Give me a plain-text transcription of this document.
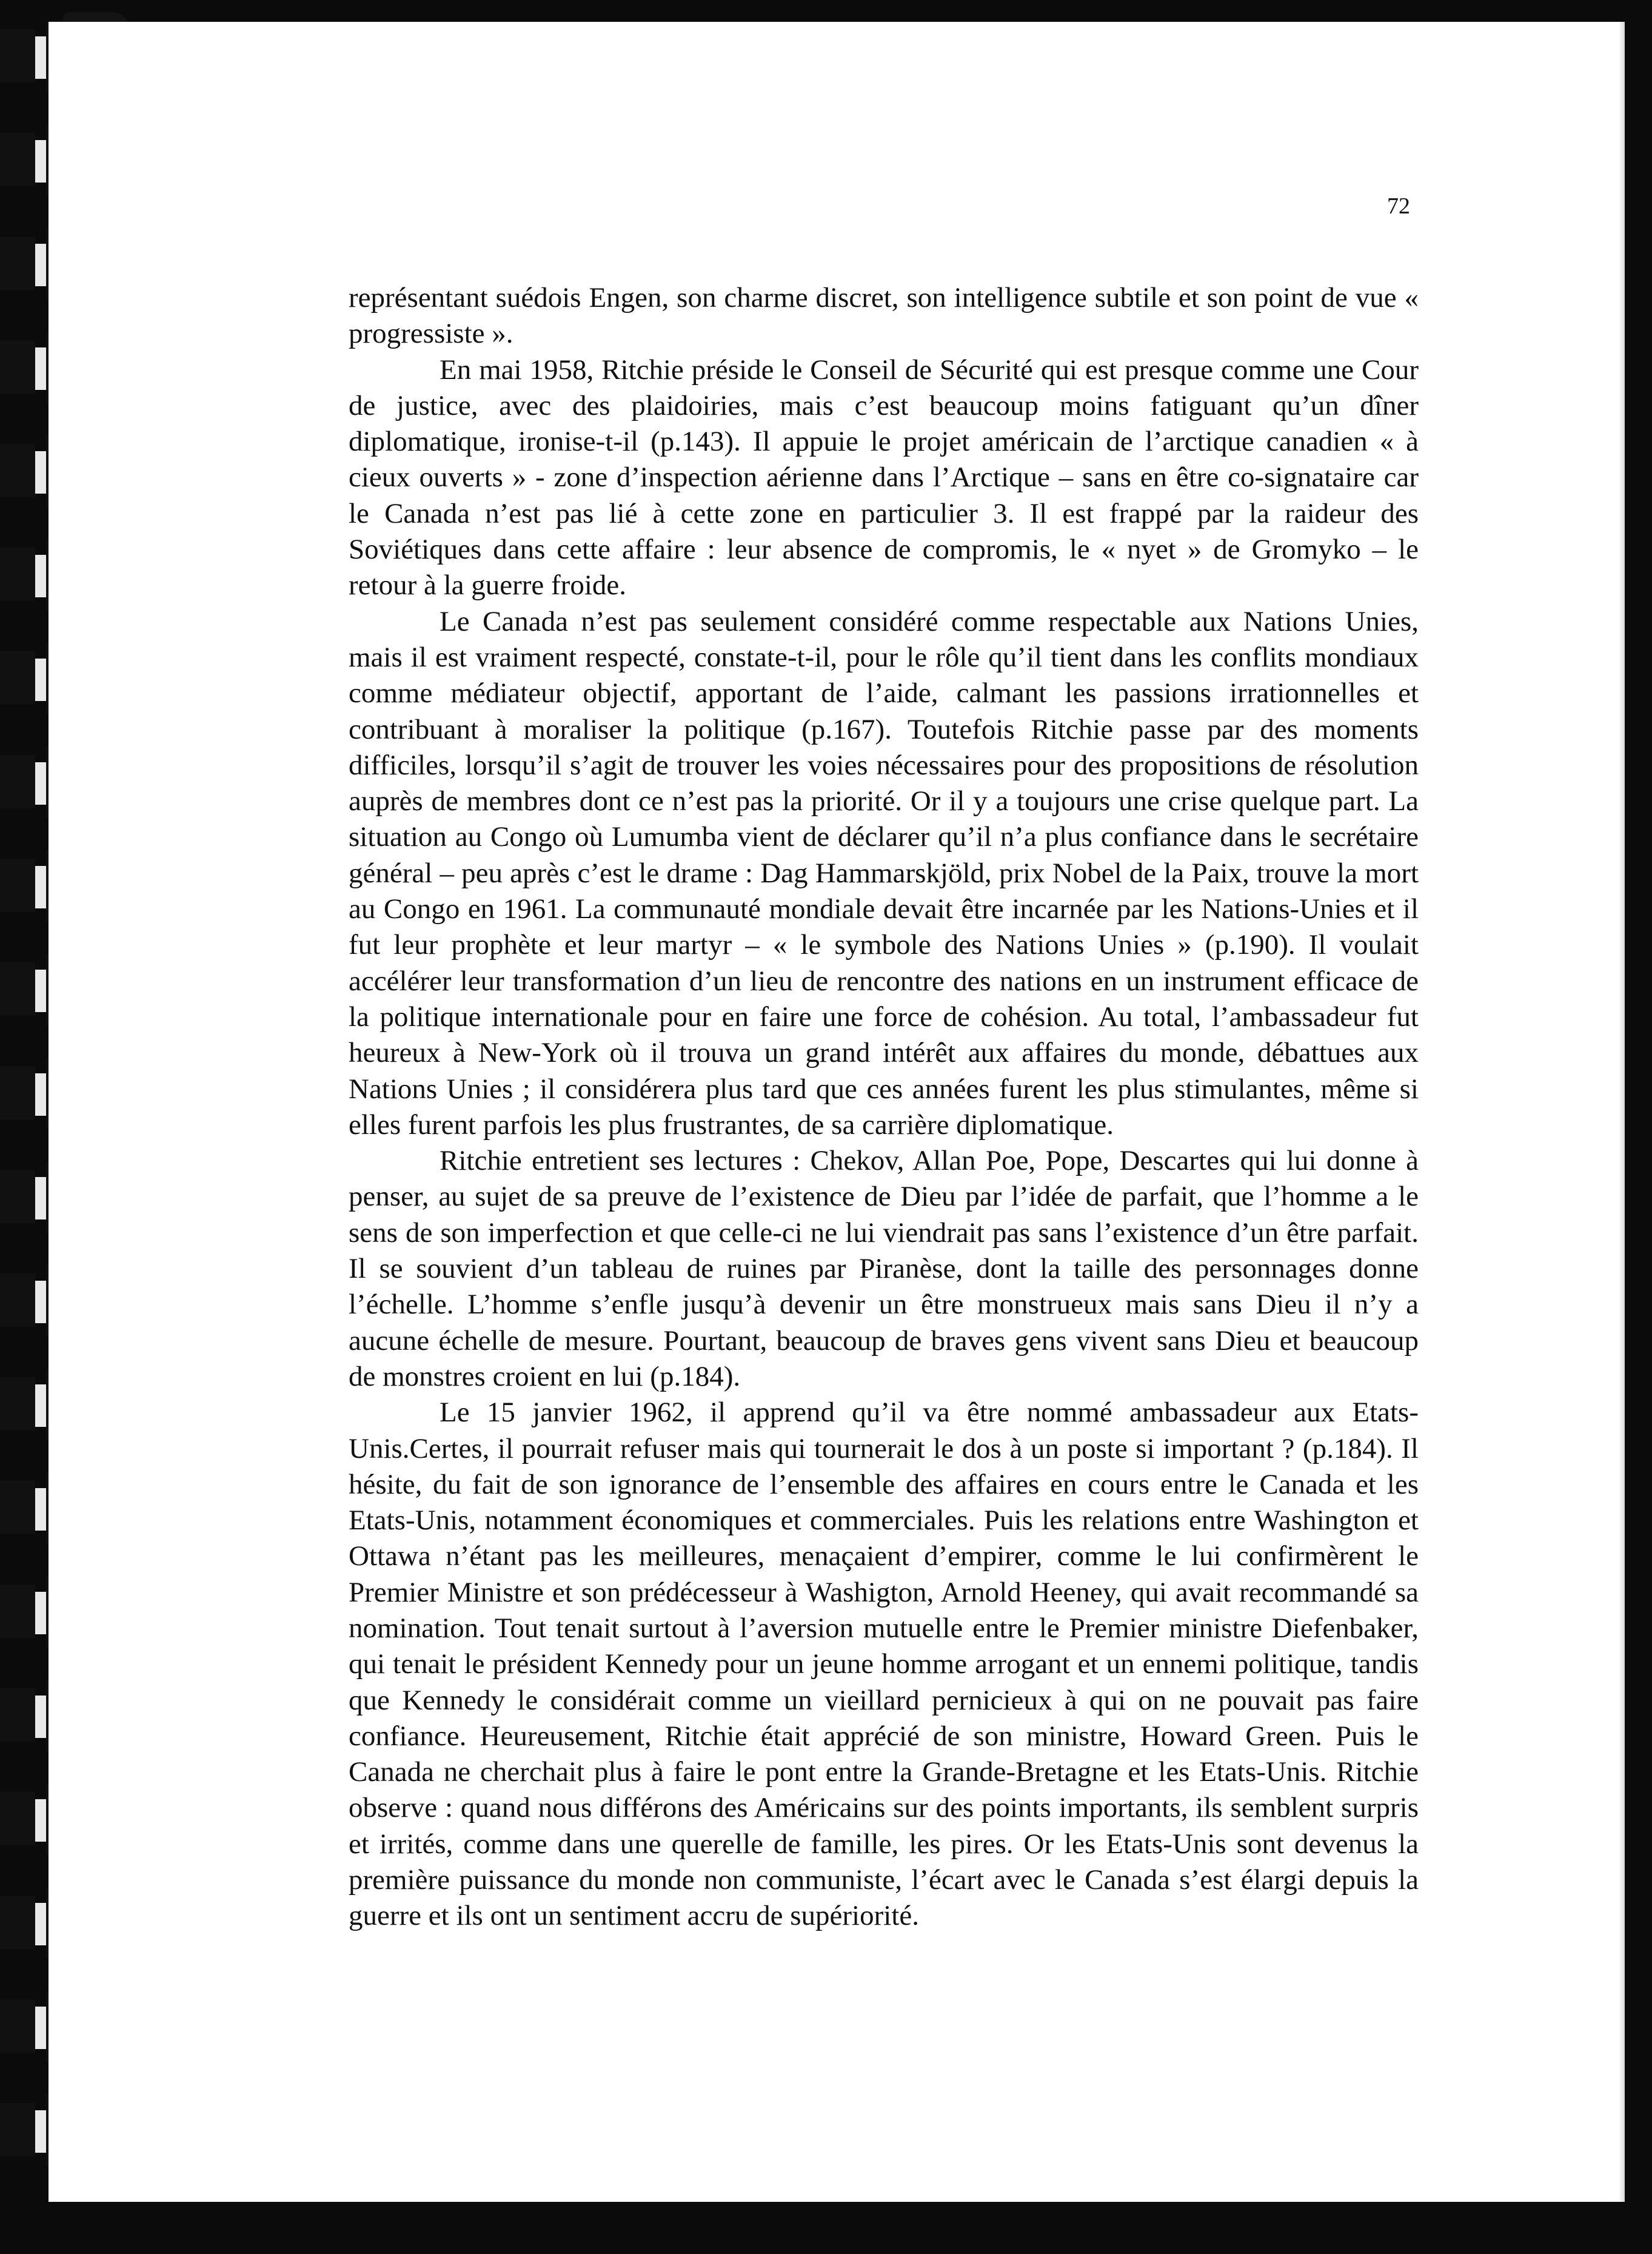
72

représentant suédois Engen, son charme discret, son intelligence subtile et son point de vue « progressiste ».

En mai 1958, Ritchie préside le Conseil de Sécurité qui est presque comme une Cour de justice, avec des plaidoiries, mais c’est beaucoup moins fatiguant qu’un dîner diplomatique, ironise-t-il (p.143). Il appuie le projet américain de l’arctique canadien « à cieux ouverts » - zone d’inspection aérienne dans l’Arctique – sans en être co-signataire car le Canada n’est pas lié à cette zone en particulier 3. Il est frappé par la raideur des Soviétiques dans cette affaire : leur absence de compromis, le « nyet » de Gromyko – le retour à la guerre froide.

Le Canada n’est pas seulement considéré comme respectable aux Nations Unies, mais il est vraiment respecté, constate-t-il, pour le rôle qu’il tient dans les conflits mondiaux comme médiateur objectif, apportant de l’aide, calmant les passions irrationnelles et contribuant à moraliser la politique (p.167). Toutefois Ritchie passe par des moments difficiles, lorsqu’il s’agit de trouver les voies nécessaires pour des propositions de résolution auprès de membres dont ce n’est pas la priorité. Or il y a toujours une crise quelque part. La situation au Congo où Lumumba vient de déclarer qu’il n’a plus confiance dans le secrétaire général – peu après c’est le drame : Dag Hammarskjöld, prix Nobel de la Paix, trouve la mort au Congo en 1961. La communauté mondiale devait être incarnée par les Nations-Unies et il fut leur prophète et leur martyr – « le symbole des Nations Unies » (p.190). Il voulait accélérer leur transformation d’un lieu de rencontre des nations en un instrument efficace de la politique internationale pour en faire une force de cohésion. Au total, l’ambassadeur fut heureux à New-York où il trouva un grand intérêt aux affaires du monde, débattues aux Nations Unies ; il considérera plus tard que ces années furent les plus stimulantes, même si elles furent parfois les plus frustrantes, de sa carrière diplomatique.

Ritchie entretient ses lectures : Chekov, Allan Poe, Pope, Descartes qui lui donne à penser, au sujet de sa preuve de l’existence de Dieu par l’idée de parfait, que l’homme a le sens de son imperfection et que celle-ci ne lui viendrait pas sans l’existence d’un être parfait. Il se souvient d’un tableau de ruines par Piranèse, dont la taille des personnages donne l’échelle. L’homme s’enfle jusqu’à devenir un être monstrueux mais sans Dieu il n’y a aucune échelle de mesure. Pourtant, beaucoup de braves gens vivent sans Dieu et beaucoup de monstres croient en lui (p.184).

Le 15 janvier 1962, il apprend qu’il va être nommé ambassadeur aux Etats-Unis.Certes, il pourrait refuser mais qui tournerait le dos à un poste si important ? (p.184). Il hésite, du fait de son ignorance de l’ensemble des affaires en cours entre le Canada et les Etats-Unis, notamment économiques et commerciales. Puis les relations entre Washington et Ottawa n’étant pas les meilleures, menaçaient d’empirer, comme le lui confirmèrent le Premier Ministre et son prédécesseur à Washigton, Arnold Heeney, qui avait recommandé sa nomination. Tout tenait surtout à l’aversion mutuelle entre le Premier ministre Diefenbaker, qui tenait le président Kennedy pour un jeune homme arrogant et un ennemi politique, tandis que Kennedy le considérait comme un vieillard pernicieux à qui on ne pouvait pas faire confiance. Heureusement, Ritchie était apprécié de son ministre, Howard Green. Puis le Canada ne cherchait plus à faire le pont entre la Grande-Bretagne et les Etats-Unis. Ritchie observe : quand nous différons des Américains sur des points importants, ils semblent surpris et irrités, comme dans une querelle de famille, les pires. Or les Etats-Unis sont devenus la première puissance du monde non communiste, l’écart avec le Canada s’est élargi depuis la guerre et ils ont un sentiment accru de supériorité.
